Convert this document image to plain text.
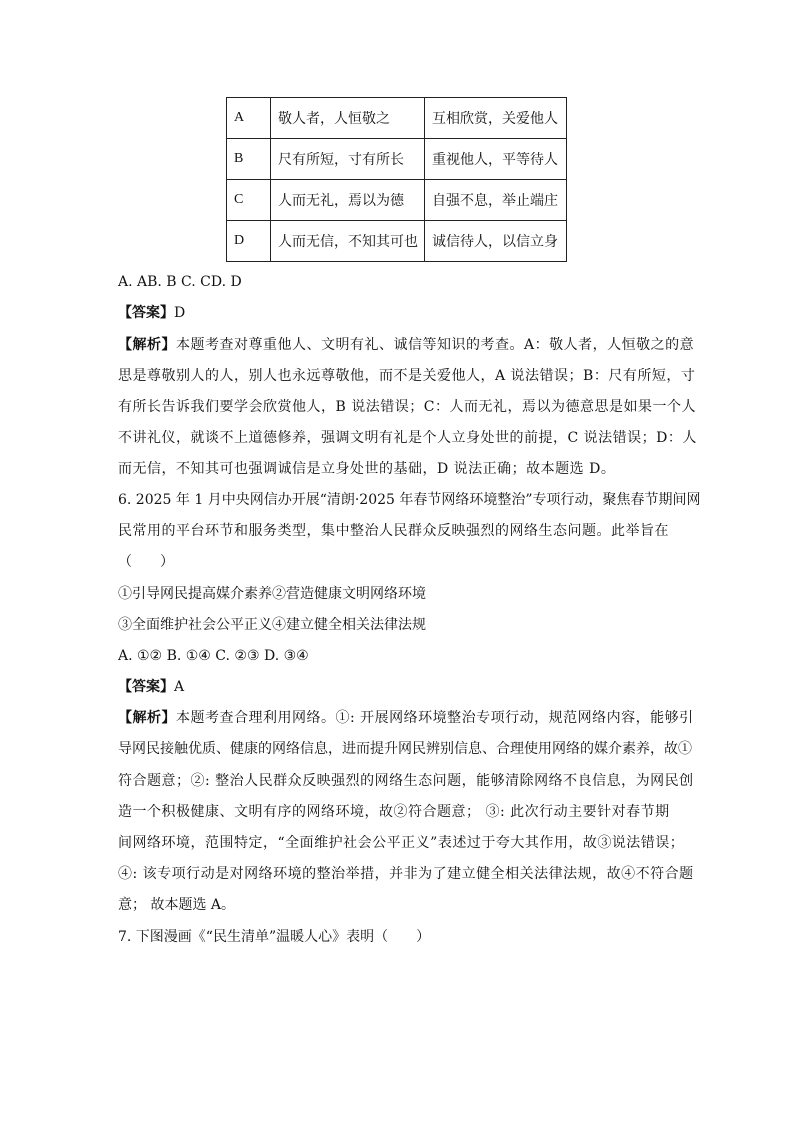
A	敬人者，人恒敬之	互相欣赏，关爱他人
B	尺有所短，寸有所长	重视他人，平等待人
C	人而无礼，焉以为德	自强不息，举止端庄
D	人而无信，不知其可也	诚信待人，以信立身
A. AB. B C. CD. D
【答案】D
【解析】本题考查对尊重他人、文明有礼、诚信等知识的考查。A：敬人者，人恒敬之的意
思是尊敬别人的人，别人也永远尊敬他，而不是关爱他人，A 说法错误；B：尺有所短，寸
有所长告诉我们要学会欣赏他人，B 说法错误；C：人而无礼，焉以为德意思是如果一个人
不讲礼仪，就谈不上道德修养，强调文明有礼是个人立身处世的前提，C 说法错误；D：人
而无信，不知其可也强调诚信是立身处世的基础，D 说法正确；故本题选 D。
6. 2025 年 1 月中央网信办开展“清朗·2025 年春节网络环境整治”专项行动，聚焦春节期间网
民常用的平台环节和服务类型，集中整治人民群众反映强烈的网络生态问题。此举旨在
（　　）
①引导网民提高媒介素养②营造健康文明网络环境
③全面维护社会公平正义④建立健全相关法律法规
A. ①② B. ①④ C. ②③ D. ③④
【答案】A
【解析】本题考查合理利用网络。①: 开展网络环境整治专项行动，规范网络内容，能够引
导网民接触优质、健康的网络信息，进而提升网民辨别信息、合理使用网络的媒介素养，故①
符合题意；②: 整治人民群众反映强烈的网络生态问题，能够清除网络不良信息，为网民创
造一个积极健康、文明有序的网络环境，故②符合题意； ③: 此次行动主要针对春节期
间网络环境，范围特定，“全面维护社会公平正义”表述过于夸大其作用，故③说法错误；
④: 该专项行动是对网络环境的整治举措，并非为了建立健全相关法律法规，故④不符合题
意； 故本题选 A。
7. 下图漫画《“民生清单”温暖人心》表明（　　）
